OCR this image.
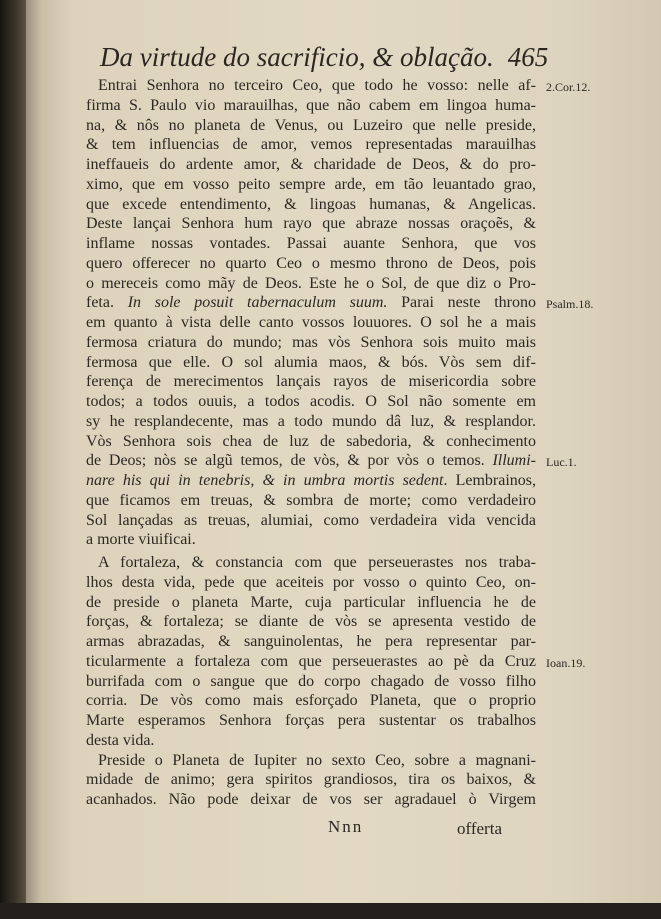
Da virtude do sacrificio, & oblação. 465
Entrai Senhora no terceiro Ceo, que todo he vosso: nelle af-
firma S. Paulo vio marauilhas, que não cabem em lingoa huma-
na, & nôs no planeta de Venus, ou Luzeiro que nelle preside,
& tem influencias de amor, vemos representadas marauilhas
ineffaueis do ardente amor, & charidade de Deos, & do pro-
ximo, que em vosso peito sempre arde, em tão leuantado grao,
que excede entendimento, & lingoas humanas, & Angelicas.
Deste lançai Senhora hum rayo que abraze nossas oraçoẽs, &
inflame nossas vontades. Passai auante Senhora, que vos
quero offerecer no quarto Ceo o mesmo throno de Deos, pois
o mereceis como mãy de Deos. Este he o Sol, de que diz o Pro-
feta. In sole posuit tabernaculum suum. Parai neste throno
em quanto à vista delle canto vossos louuores. O sol he a mais
fermosa criatura do mundo; mas vòs Senhora sois muito mais
fermosa que elle. O sol alumia maos, & bós. Vòs sem dif-
ferença de merecimentos lançais rayos de misericordia sobre
todos; a todos ouuis, a todos acodis. O Sol não somente em
sy he resplandecente, mas a todo mundo dâ luz, & resplandor.
Vòs Senhora sois chea de luz de sabedoria, & conhecimento
de Deos; nòs se algũ temos, de vòs, & por vòs o temos. Illumi-
nare his qui in tenebris, & in umbra mortis sedent. Lembrainos,
que ficamos em treuas, & sombra de morte; como verdadeiro
Sol lançadas as treuas, alumiai, como verdadeira vida vencida
a morte viuificai.
A fortaleza, & constancia com que perseuerastes nos traba-
lhos desta vida, pede que aceiteis por vosso o quinto Ceo, on-
de preside o planeta Marte, cuja particular influencia he de
forças, & fortaleza; se diante de vòs se apresenta vestido de
armas abrazadas, & sanguinolentas, he pera representar par-
ticularmente a fortaleza com que perseuerastes ao pè da Cruz
burrifada com o sangue que do corpo chagado de vosso filho
corria. De vòs como mais esforçado Planeta, que o proprio
Marte esperamos Senhora forças pera sustentar os trabalhos
desta vida.
Preside o Planeta de Iupiter no sexto Ceo, sobre a magnani-
midade de animo; gera spiritos grandiosos, tira os baixos, &
acanhados. Não pode deixar de vos ser agradauel ò Virgem
2.Cor.12.
Psalm.18.
Luc.1.
Ioan.19.
Nnn	offerta
